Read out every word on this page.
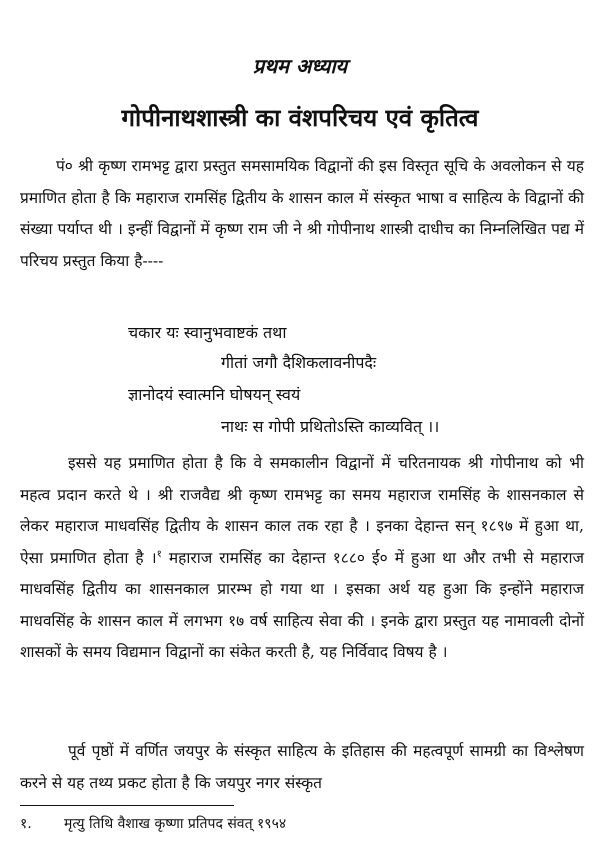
प्रथम अध्याय
गोपीनाथशास्त्री का वंशपरिचय एवं कृतित्व
पं० श्री कृष्ण रामभट्ट द्वारा प्रस्तुत समसामयिक विद्वानों की इस विस्तृत सूचि के अवलोकन से यह प्रमाणित होता है कि महाराज रामसिंह द्वितीय के शासन काल में संस्कृत भाषा व साहित्य के विद्वानों की संख्या पर्याप्त थी । इन्हीं विद्वानों में कृष्ण राम जी ने श्री गोपीनाथ शास्त्री दाधीच का निम्नलिखित पद्य में परिचय प्रस्तुत किया है----
चकार यः स्वानुभवाष्टकं तथा
गीतां जगौ दैशिकलावनीपदैः
ज्ञानोदयं स्वात्मनि घोषयन् स्वयं
नाथः स गोपी प्रथितोऽस्ति काव्यवित् ।।
इससे यह प्रमाणित होता है कि वे समकालीन विद्वानों में चरितनायक श्री गोपीनाथ को भी महत्व प्रदान करते थे । श्री राजवैद्य श्री कृष्ण रामभट्ट का समय महाराज रामसिंह के शासनकाल से लेकर महाराज माधवसिंह द्वितीय के शासन काल तक रहा है । इनका देहान्त सन् १८९७ में हुआ था, ऐसा प्रमाणित होता है ।$^१$ महाराज रामसिंह का देहान्त १८८० ई० में हुआ था और तभी से महाराज माधवसिंह द्वितीय का शासनकाल प्रारम्भ हो गया था । इसका अर्थ यह हुआ कि इन्होंने महाराज माधवसिंह के शासन काल में लगभग १७ वर्ष साहित्य सेवा की । इनके द्वारा प्रस्तुत यह नामावली दोनों शासकों के समय विद्यमान विद्वानों का संकेत करती है, यह निर्विवाद विषय है ।
पूर्व पृष्ठों में वर्णित जयपुर के संस्कृत साहित्य के इतिहास की महत्वपूर्ण सामग्री का विश्लेषण करने से यह तथ्य प्रकट होता है कि जयपुर नगर संस्कृत
१. मृत्यु तिथि वैशाख कृष्णा प्रतिपद संवत् १९५४
